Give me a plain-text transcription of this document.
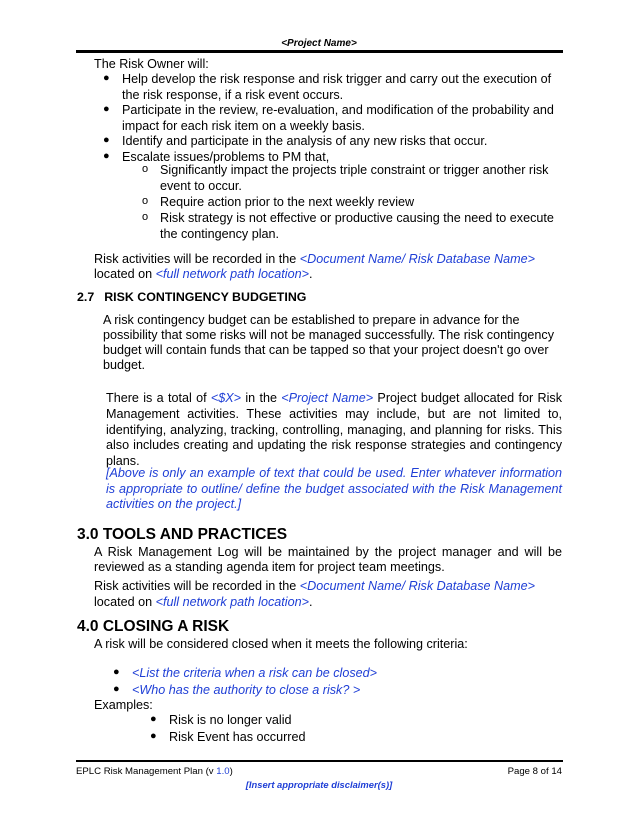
<Project Name>
The Risk Owner will:
● Help develop the risk response and risk trigger and carry out the execution of
the risk response, if a risk event occurs.
● Participate in the review, re-evaluation, and modification of the probability and
impact for each risk item on a weekly basis.
● Identify and participate in the analysis of any new risks that occur.
● Escalate issues/problems to PM that,
o Significantly impact the projects triple constraint or trigger another risk
event to occur.
o Require action prior to the next weekly review
o Risk strategy is not effective or productive causing the need to execute
the contingency plan.
Risk activities will be recorded in the <Document Name/ Risk Database Name>
located on <full network path location>.
2.7 RISK CONTINGENCY BUDGETING
A risk contingency budget can be established to prepare in advance for the
possibility that some risks will not be managed successfully. The risk contingency
budget will contain funds that can be tapped so that your project doesn't go over
budget.
There is a total of <$X> in the <Project Name> Project budget allocated for Risk
Management activities. These activities may include, but are not limited to,
identifying, analyzing, tracking, controlling, managing, and planning for risks. This
also includes creating and updating the risk response strategies and contingency
plans.
[Above is only an example of text that could be used. Enter whatever information
is appropriate to outline/ define the budget associated with the Risk Management
activities on the project.]
3.0 TOOLS AND PRACTICES
A Risk Management Log will be maintained by the project manager and will be
reviewed as a standing agenda item for project team meetings.
Risk activities will be recorded in the <Document Name/ Risk Database Name>
located on <full network path location>.
4.0 CLOSING A RISK
A risk will be considered closed when it meets the following criteria:
● <List the criteria when a risk can be closed>
● <Who has the authority to close a risk? >
Examples:
● Risk is no longer valid
● Risk Event has occurred
EPLC Risk Management Plan (v 1.0)	Page 8 of 14
[Insert appropriate disclaimer(s)]
